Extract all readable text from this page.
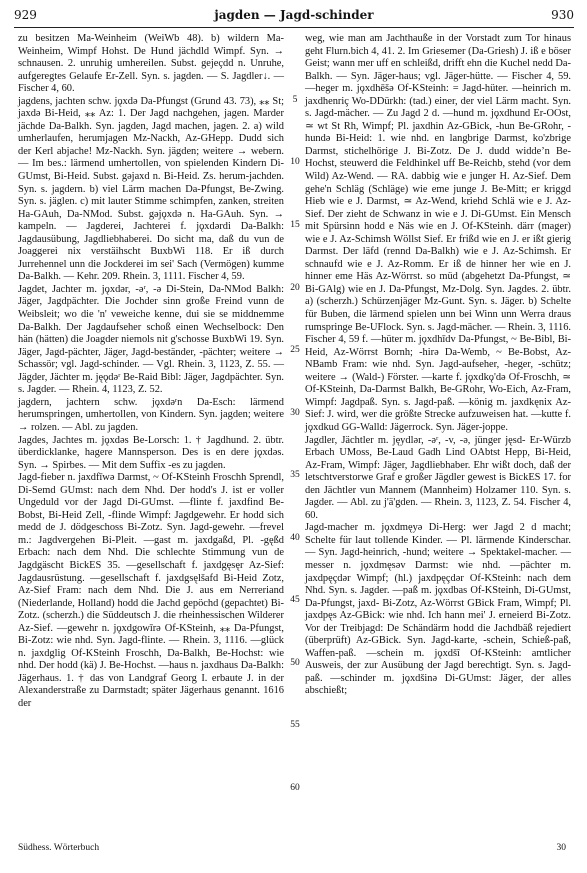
929	jagden — Jagd-schinder	930

zu besitzen Ma-Weinheim (WeiWb 48). b) wildern Ma-Weinheim, Wimpf Hohst. De Hund jächdld Wimpf. Syn. → schnausen. 2. unruhig umhereilen. Subst. gejeçdd n. Unruhe, aufgeregtes Gelaufe Er-Zell. Syn. s. jagden. — S. Jagdler↓. — Fischer 4, 60.

jagdens, jachten schw. jǫxdǝ Da-Pfungst (Grund 43. 73), ⁎⁎ St; jaxdǝ Bi-Heid, ⁎⁎ Az: 1. Der Jagd nachgehen, jagen. Marder jächde Da-Balkh. Syn. jagden, Jagd machen, jagen. 2. a) wild umherlaufen, herumjagen Mz-Nackh, Az-GHepp. Dudd sich der Kerl abjache! Mz-Nackh. Syn. jägden; weitere → webern. — Im bes.: lärmend umhertollen, von spielenden Kindern Di-GUmst, Bi-Heid. Subst. gǝjaxd n. Bi-Heid. Zs. herum-jachden. Syn. s. jagdern. b) viel Lärm machen Da-Pfungst, Be-Zwing. Syn. s. jäglen. c) mit lauter Stimme schimpfen, zanken, streiten Ha-GAuh, Da-NMod. Subst. gǝjǫxdǝ n. Ha-GAuh. Syn. → kampeln. — Jagderei, Jachterei f. jǫxdǝrdi Da-Balkh: Jagdausübung, Jagdliebhaberei. Do sicht ma, daß du vun de Joaggerei nix verstäihscht BuxbWi 118. Er iß durch Jurrehennel unn die Jockderei im sei' Sach (Vermögen) kumme Da-Balkh. — Kehr. 209. Rhein. 3, 1111. Fischer 4, 59.

Jagdet, Jachter m. jǫxdǝr, -ǝʳ, -ǝ Di-Stein, Da-NMod Balkh: Jäger, Jagdpächter. Die Jochder sinn große Freind vunn de Weibsleit; wo die 'n' veweiche kenne, dui sie se middnemme Da-Balkh. Der Jagdaufseher schoß einen Wechselbock: Den hän (hätten) die Joagder niemols nit g'schosse BuxbWi 19. Syn. Jäger, Jagd-pächter, Jäger, Jagd-beständer, -pächter; weitere → Schassör; vgl. Jagd-schinder. — Vgl. Rhein. 3, 1123, Z. 55. — Jägder, Jächter m. jęǫdǝʳ Be-Raid Bibl: Jäger, Jagdpächter. Syn. s. Jagder. — Rhein. 4, 1123, Z. 52.

jagdern, jachtern schw. jǫxdǝʳn Da-Esch: lärmend herumspringen, umhertollen, von Kindern. Syn. jagden; weitere → rolzen. — Abl. zu jagden.

Jagdes, Jachtes m. jǫxdǝs Be-Lorsch: 1. † Jagdhund. 2. übtr. überdicklanke, hagere Mannsperson. Des is en dere jǫxdǝs. Syn. → Spirbes. — Mit dem Suffix -es zu jagden.

Jagd-fieber n. jaxdfīwǝ Darmst, ~ Of-KSteinh Froschh Sprendl, Di-Semd GUmst: nach dem Nhd. Der hodd's J. ist er voller Ungeduld vor der Jagd Di-GUmst. —flinte f. jaxdfind Be-Bobst, Bi-Heid Zell, -flinde Wimpf: Jagdgewehr. Er hodd sich medd de J. dödgeschoss Bi-Zotz. Syn. Jagd-gewehr. —frevel m.: Jagdvergehen Bi-Pleit. —gast m. jaxdgaßd, Pl. -gęßd Erbach: nach dem Nhd. Die schlechte Stimmung vun de Jagdgäscht BickES 35. —gesellschaft f. jaxdgęsęr Az-Sief: Jagdausrüstung. —gesellschaft f. jaxdgsęlšafd Bi-Heid Zotz, Az-Sief Fram: nach dem Nhd. Die J. aus em Nerreriand (Niederlande, Holland) hodd die Jachd gepöchd (gepachtet) Bi-Zotz. (scherzh.) die Süddeutsch J. die rheinhessischen Wilderer Az-Sief. —gewehr n. jǫxdgowīrǝ Of-KSteinh, ⁎⁎ Da-Pfungst, Bi-Zotz: wie nhd. Syn. Jagd-flinte. — Rhein. 3, 1116. —glück n. jaxdglig Of-KSteinh Froschh, Da-Balkh, Be-Hochst: wie nhd. Der hodd (kä) J. Be-Hochst. —haus n. jaxdhaus Da-Balkh: Jägerhaus. 1. † das von Landgraf Georg I. erbaute J. in der Alexanderstraße zu Darmstadt; später Jägerhaus genannt. 1616 der

5
10
15
20
25
30
35
40
45
50
55
60

weg, wie man am Jachthauße in der Vorstadt zum Tor hinaus geht Flurn.bich 4, 41. 2. Im Griesemer (Da-Griesh) J. iß e böser Geist; wann mer uff en schleißd, drifft ehn die Kuchel nedd Da-Balkh. — Syn. Jäger-haus; vgl. Jäger-hütte. — Fischer 4, 59. —heger m. jǫxdhēšǝ Of-KSteinh: = Jagd-hüter. —heinrich m. jaxdhenriç Wo-DDürkh: (tad.) einer, der viel Lärm macht. Syn. s. Jagd-mächer. — Zu Jagd 2 d. —hund m. jǫxdhund Er-OOst, ≃ wt St Rh, Wimpf; Pl. jaxdhin Az-GBick, -hun Be-GRohr, -hundǝ Bi-Heid: 1. wie nhd. en langbrige Darmst, ko'zbrige Darmst, stichelhörige J. Bi-Zotz. De J. dudd widdeʼn Be-Hochst, steuwerd die Feldhinkel uff Be-Reichb, stehd (vor dem Wild) Az-Wend. — RA. dabbig wie e junger H. Az-Sief. Dem gehe'n Schläg (Schläge) wie eme junge J. Be-Mitt; er kriggd Hieb wie e J. Darmst, ≃ Az-Wend, kriehd Schlä wie e J. Az-Sief. Der zieht de Schwanz in wie e J. Di-GUmst. Ein Mensch mit Spürsinn hodd e Näs wie en J. Of-KSteinh. därr (mager) wie e J. Az-Schimsh Wöllst Sief. Er frißd wie en J. er ißt gierig Darmst. Der läfd (rennd Da-Balkh) wie e J. Az-Schimsh. Er schnaufd wie e J. Az-Romm. Er iß de hinner her wie en J. hinner eme Häs Az-Wörrst. so müd (abgehetzt Da-Pfungst, ≃ Bi-GAlg) wie en J. Da-Pfungst, Mz-Dolg. Syn. Jagdes. 2. übtr. a) (scherzh.) Schürzenjäger Mz-Gunt. Syn. s. Jäger. b) Schelte für Buben, die lärmend spielen unn bei Winn unn Werra draus rumspringe Be-UFlock. Syn. s. Jagd-mächer. — Rhein. 3, 1116. Fischer 4, 59 f. —hüter m. jǫxdhīdv Da-Pfungst, ~ Be-Bibl, Bi-Heid, Az-Wörrst Bornh; -hirǝ Da-Wemb, ~ Be-Bobst, Az-NBamb Fram: wie nhd. Syn. Jagd-aufseher, -heger, -schütz; weitere → (Wald-) Förster. —karte f. jǫxdkǫ'dǝ Of-Froschh, ≃ Of-KSteinh, Da-Darmst Balkh, Be-GRohr, Wo-Eich, Az-Fram, Wimpf: Jagdpaß. Syn. s. Jagd-paß. —könig m. jaxdkęnix Az-Sief: J. wird, wer die größte Strecke aufzuweisen hat. —kutte f. jǫxdkud GG-Walld: Jägerrock. Syn. Jäger-joppe.

Jagdler, Jächtler m. jęydlǝr, -ǝʳ, -v, -ǝ, jünger jęsd- Er-Würzb Erbach UMoss, Be-Laud Gadh Lind OAbtst Hepp, Bi-Heid, Az-Fram, Wimpf: Jäger, Jagdliebhaber. Ehr wißt doch, daß der letschtverstorwe Graf e großer Jägdler gewest is BickES 17. for den Jächtler vun Mannem (Mannheim) Holzamer 110. Syn. s. Jagder. — Abl. zu j'ä'gden. — Rhein. 3, 1123, Z. 54. Fischer 4, 60.

Jagd-macher m. jǫxdmęyǝ Di-Herg: wer Jagd 2 d macht; Schelte für laut tollende Kinder. — Pl. lärmende Kinderschar. — Syn. Jagd-heinrich, -hund; weitere → Spektakel-macher. —messer n. jǫxdmęsǝv Darmst: wie nhd. —pächter m. jaxdpęçdǝr Wimpf; (hl.) jaxdpęçdǝr Of-KSteinh: nach dem Nhd. Syn. s. Jagder. —paß m. jǫxdbas Of-KSteinh, Di-GUmst, Da-Pfungst, jaxd- Bi-Zotz, Az-Wörrst GBick Fram, Wimpf; Pl. jaxdpęs Az-GBick: wie nhd. Ich hann mei' J. erneierd Bi-Zotz. Vor der Treibjagd: De Schändärm hodd die Jachdbäß rejediert (überprüft) Az-GBick. Syn. Jagd-karte, -schein, Schieß-paß, Waffen-paß. —schein m. jǫxdšî Of-KSteinh: amtlicher Ausweis, der zur Ausübung der Jagd berechtigt. Syn. s. Jagd-paß. —schinder m. jǫxdšinǝ Di-GUmst: Jäger, der alles abschießt;

Südhess. Wörterbuch	30
